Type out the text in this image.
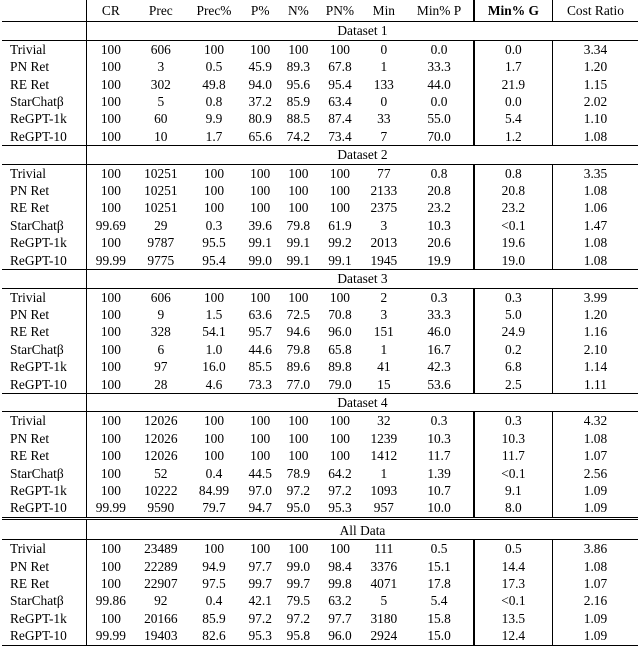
	CR	Prec	Prec%	P%	N%	PN%	Min	Min% P	Min% G	Cost Ratio
	Dataset 1									
Trivial	100	606	100	100	100	100	0	0.0	0.0	3.34
PN Ret	100	3	0.5	45.9	89.3	67.8	1	33.3	1.7	1.20
RE Ret	100	302	49.8	94.0	95.6	95.4	133	44.0	21.9	1.15
StarChatβ	100	5	0.8	37.2	85.9	63.4	0	0.0	0.0	2.02
ReGPT-1k	100	60	9.9	80.9	88.5	87.4	33	55.0	5.4	1.10
ReGPT-10	100	10	1.7	65.6	74.2	73.4	7	70.0	1.2	1.08
	Dataset 2									
Trivial	100	10251	100	100	100	100	77	0.8	0.8	3.35
PN Ret	100	10251	100	100	100	100	2133	20.8	20.8	1.08
RE Ret	100	10251	100	100	100	100	2375	23.2	23.2	1.06
StarChatβ	99.69	29	0.3	39.6	79.8	61.9	3	10.3	<0.1	1.47
ReGPT-1k	100	9787	95.5	99.1	99.1	99.2	2013	20.6	19.6	1.08
ReGPT-10	99.99	9775	95.4	99.0	99.1	99.1	1945	19.9	19.0	1.08
	Dataset 3									
Trivial	100	606	100	100	100	100	2	0.3	0.3	3.99
PN Ret	100	9	1.5	63.6	72.5	70.8	3	33.3	5.0	1.20
RE Ret	100	328	54.1	95.7	94.6	96.0	151	46.0	24.9	1.16
StarChatβ	100	6	1.0	44.6	79.8	65.8	1	16.7	0.2	2.10
ReGPT-1k	100	97	16.0	85.5	89.6	89.8	41	42.3	6.8	1.14
ReGPT-10	100	28	4.6	73.3	77.0	79.0	15	53.6	2.5	1.11
	Dataset 4									
Trivial	100	12026	100	100	100	100	32	0.3	0.3	4.32
PN Ret	100	12026	100	100	100	100	1239	10.3	10.3	1.08
RE Ret	100	12026	100	100	100	100	1412	11.7	11.7	1.07
StarChatβ	100	52	0.4	44.5	78.9	64.2	1	1.39	<0.1	2.56
ReGPT-1k	100	10222	84.99	97.0	97.2	97.2	1093	10.7	9.1	1.09
ReGPT-10	99.99	9590	79.7	94.7	95.0	95.3	957	10.0	8.0	1.09
	All Data									
Trivial	100	23489	100	100	100	100	111	0.5	0.5	3.86
PN Ret	100	22289	94.9	97.7	99.0	98.4	3376	15.1	14.4	1.08
RE Ret	100	22907	97.5	99.7	99.7	99.8	4071	17.8	17.3	1.07
StarChatβ	99.86	92	0.4	42.1	79.5	63.2	5	5.4	<0.1	2.16
ReGPT-1k	100	20166	85.9	97.2	97.2	97.7	3180	15.8	13.5	1.09
ReGPT-10	99.99	19403	82.6	95.3	95.8	96.0	2924	15.0	12.4	1.09
